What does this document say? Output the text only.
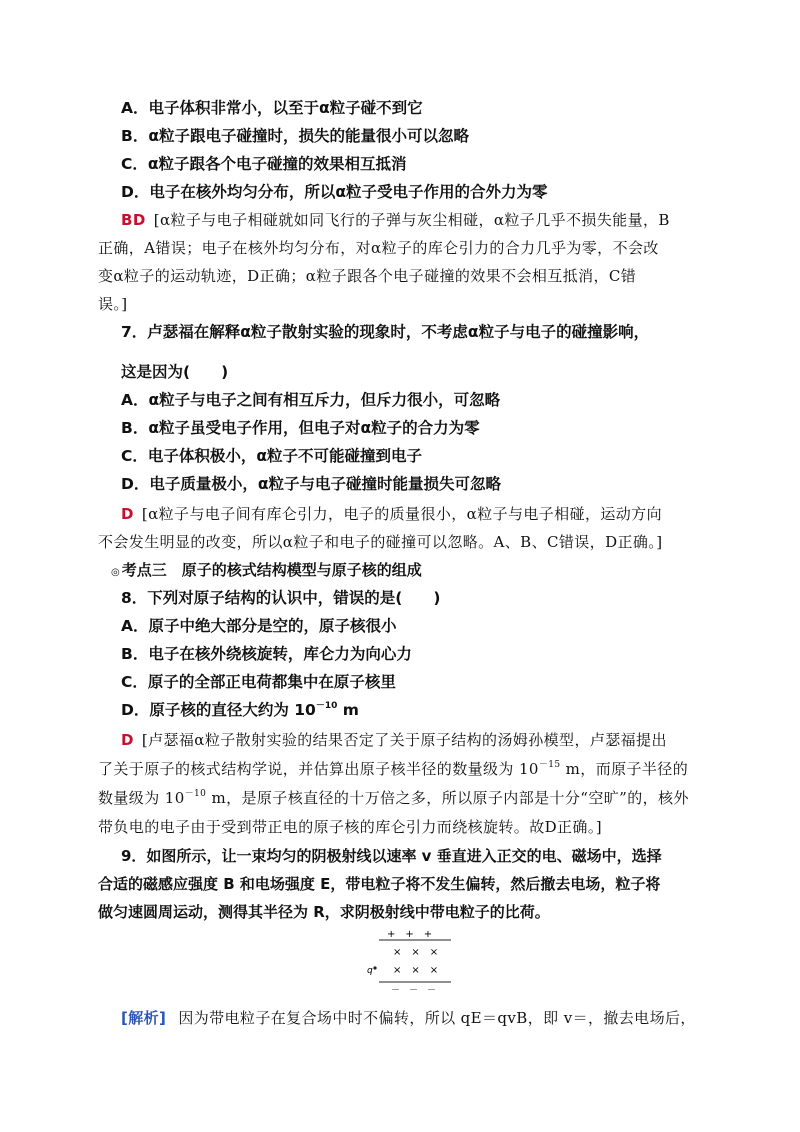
A．电子体积非常小，以至于α粒子碰不到它
B．α粒子跟电子碰撞时，损失的能量很小可以忽略
C．α粒子跟各个电子碰撞的效果相互抵消
D．电子在核外均匀分布，所以α粒子受电子作用的合外力为零
BD [α粒子与电子相碰就如同飞行的子弹与灰尘相碰，α粒子几乎不损失能量，B
正确，A错误；电子在核外均匀分布，对α粒子的库仑引力的合力几乎为零，不会改
变α粒子的运动轨迹，D正确；α粒子跟各个电子碰撞的效果不会相互抵消，C错
误。]
7．卢瑟福在解释α粒子散射实验的现象时，不考虑α粒子与电子的碰撞影响，
这是因为(　　)
A．α粒子与电子之间有相互斥力，但斥力很小，可忽略
B．α粒子虽受电子作用，但电子对α粒子的合力为零
C．电子体积极小，α粒子不可能碰撞到电子
D．电子质量极小，α粒子与电子碰撞时能量损失可忽略
D [α粒子与电子间有库仑引力，电子的质量很小，α粒子与电子相碰，运动方向
不会发生明显的改变，所以α粒子和电子的碰撞可以忽略。A、B、C错误，D正确。]
◎ 考点三　原子的核式结构模型与原子核的组成
8．下列对原子结构的认识中，错误的是(　　)
A．原子中绝大部分是空的，原子核很小
B．电子在核外绕核旋转，库仑力为向心力
C．原子的全部正电荷都集中在原子核里
D．原子核的直径大约为 $10^{-10}$ m
D [卢瑟福α粒子散射实验的结果否定了关于原子结构的汤姆孙模型，卢瑟福提出
了关于原子的核式结构学说，并估算出原子核半径的数量级为 $10^{-15}$ m，而原子半径的
数量级为 $10^{-10}$ m，是原子核直径的十万倍之多，所以原子内部是十分“空旷”的，核外
带负电的电子由于受到带正电的原子核的库仑引力而绕核旋转。故D正确。]
9．如图所示，让一束均匀的阴极射线以速率 v 垂直进入正交的电、磁场中，选择
合适的磁感应强度 B 和电场强度 E，带电粒子将不发生偏转，然后撤去电场，粒子将
做匀速圆周运动，测得其半径为 R，求阴极射线中带电粒子的比荷。
+　+　+
×　×　×
q ×　×　×
－　－　－
[解析] 因为带电粒子在复合场中时不偏转，所以 qE＝qvB，即 v＝，撤去电场后，
